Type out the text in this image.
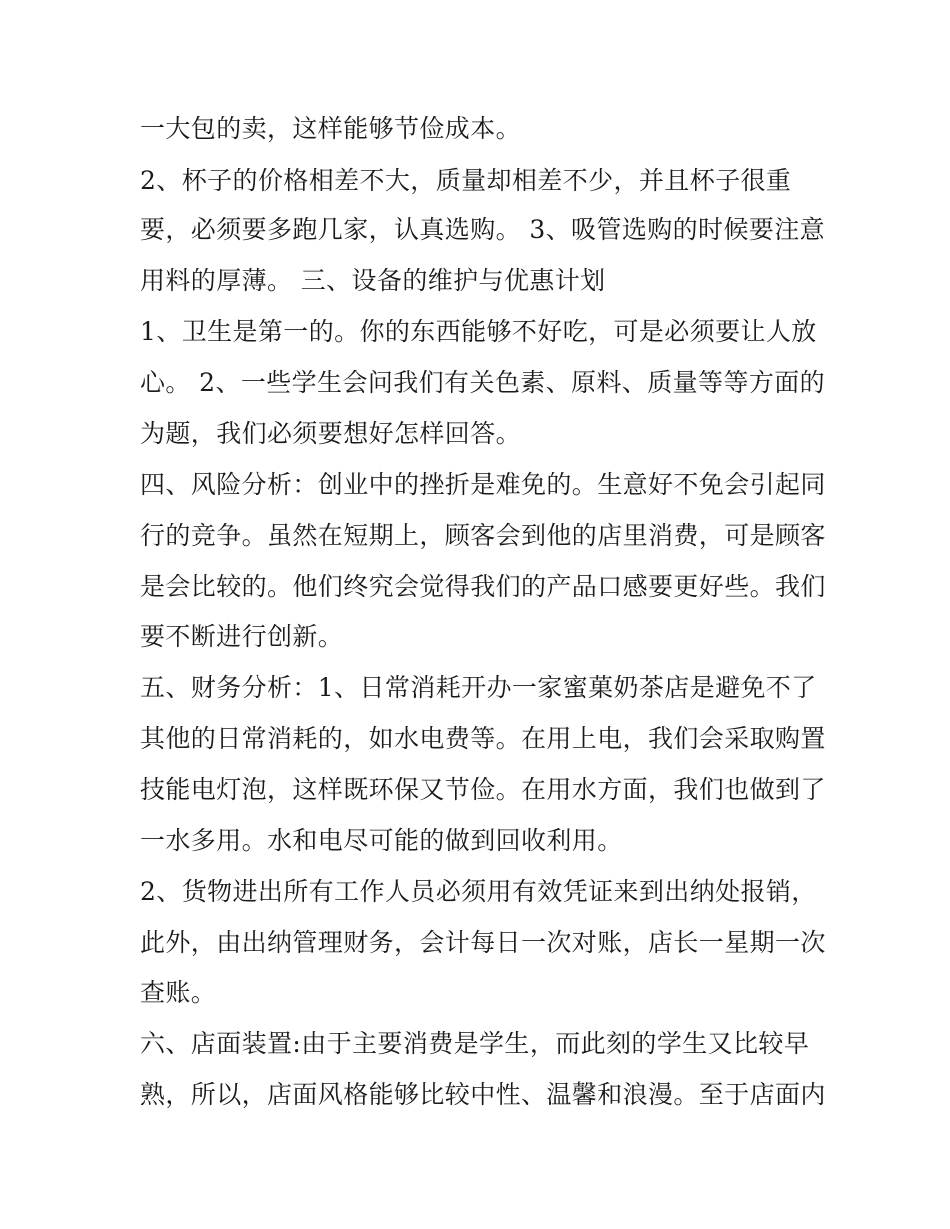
一大包的卖，这样能够节俭成本。
2、杯子的价格相差不大，质量却相差不少，并且杯子很重
要，必须要多跑几家，认真选购。 3、吸管选购的时候要注意
用料的厚薄。 三、设备的维护与优惠计划
1、卫生是第一的。你的东西能够不好吃，可是必须要让人放
心。 2、一些学生会问我们有关色素、原料、质量等等方面的
为题，我们必须要想好怎样回答。
四、风险分析：创业中的挫折是难免的。生意好不免会引起同
行的竞争。虽然在短期上，顾客会到他的店里消费，可是顾客
是会比较的。他们终究会觉得我们的产品口感要更好些。我们
要不断进行创新。
五、财务分析：1、日常消耗开办一家蜜菓奶茶店是避免不了
其他的日常消耗的，如水电费等。在用上电，我们会采取购置
技能电灯泡，这样既环保又节俭。在用水方面，我们也做到了
一水多用。水和电尽可能的做到回收利用。
2、货物进出所有工作人员必须用有效凭证来到出纳处报销，
此外，由出纳管理财务，会计每日一次对账，店长一星期一次
查账。
六、店面装置:由于主要消费是学生，而此刻的学生又比较早
熟，所以，店面风格能够比较中性、温馨和浪漫。至于店面内
